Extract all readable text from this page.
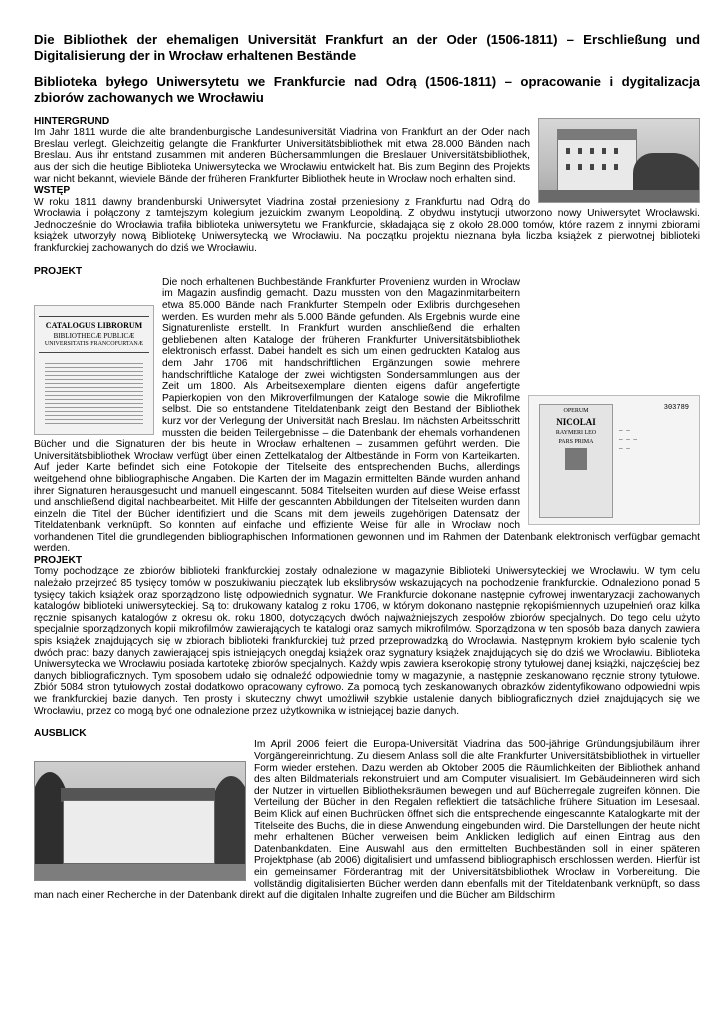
Die Bibliothek der ehemaligen Universität Frankfurt an der Oder (1506-1811) – Erschließung und Digitalisierung der in Wrocław erhaltenen Bestände
Biblioteka byłego Uniwersytetu we Frankfurcie nad Odrą (1506-1811) – opracowanie i dygitalizacja zbiorów zachowanych we Wrocławiu
HINTERGRUND
Im Jahr 1811 wurde die alte brandenburgische Landesuniversität Viadrina von Frankfurt an der Oder nach Breslau verlegt. Gleichzeitig gelangte die Frankfurter Universitätsbibliothek mit etwa 28.000 Bänden nach Breslau. Aus ihr entstand zusammen mit anderen Büchersammlungen die Breslauer Universitätsbibliothek, aus der sich die heutige Biblioteka Uniwersytecka we Wrocławiu entwickelt hat. Bis zum Beginn des Projekts war nicht bekannt, wieviele Bände der früheren Frankfurter Bibliothek heute in Wrocław noch erhalten sind.
WSTĘP
W roku 1811 dawny brandenburski Uniwersytet Viadrina został przeniesiony z Frankfurtu nad Odrą do Wrocławia i połączony z tamtejszym kolegium jezuickim zwanym Leopoldiną. Z obydwu instytucji utworzono nowy Uniwersytet Wrocławski. Jednocześnie do Wrocławia trafiła biblioteka uniwersytetu we Frankfurcie, składająca się z około 28.000 tomów, które razem z innymi zbiorami książek utworzyły nową Bibliotekę Uniwersytecką we Wrocławiu. Na początku projektu nieznana była liczba książek z pierwotnej biblioteki frankfurckiej zachowanych do dziś we Wrocławiu.
PROJEKT
CATALOGUS LIBRORUM
BIBLIOTHECÆ PUBLICÆ
UNIVERSITATIS FRANCOFURTANÆ
OPERUM
NICOLAI
RAYMERI LEO
PARS PRIMA
303789
— —
— — —
— —
Die noch erhaltenen Buchbestände Frankfurter Provenienz wurden in Wrocław im Magazin ausfindig gemacht. Dazu mussten von den Magazinmitarbeitern etwa 85.000 Bände nach Frankfurter Stempeln oder Exlibris durchgesehen werden. Es wurden mehr als 5.000 Bände gefunden. Als Ergebnis wurde eine Signaturenliste erstellt. In Frankfurt wurden anschließend die erhalten gebliebenen alten Kataloge der früheren Frankfurter Universitätsbibliothek elektronisch erfasst. Dabei handelt es sich um einen gedruckten Katalog aus dem Jahr 1706 mit handschriftlichen Ergänzungen sowie mehrere handschriftliche Kataloge der zwei wichtigsten Sondersammlungen aus der Zeit um 1800. Als Arbeitsexemplare dienten eigens dafür angefertigte Papierkopien von den Mikroverfilmungen der Kataloge sowie die Mikrofilme selbst. Die so entstandene Titeldatenbank zeigt den Bestand der Bibliothek kurz vor der Verlegung der Universität nach Breslau. Im nächsten Arbeitsschritt mussten die beiden Teilergebnisse – die Datenbank der ehemals vorhandenen Bücher und die Signaturen der bis heute in Wrocław erhaltenen – zusammen geführt werden. Die Universitätsbibliothek Wrocław verfügt über einen Zettelkatalog der Altbestände in Form von Karteikarten. Auf jeder Karte befindet sich eine Fotokopie der Titelseite des entsprechenden Buchs, allerdings weitgehend ohne bibliographische Angaben. Die Karten der im Magazin ermittelten Bände wurden anhand ihrer Signaturen herausgesucht und manuell eingescannt. 5084 Titelseiten wurden auf diese Weise erfasst und anschließend digital nachbearbeitet. Mit Hilfe der gescannten Abbildungen der Titelseiten wurden dann einzeln die Titel der Bücher identifiziert und die Scans mit dem jeweils zugehörigen Datensatz der Titeldatenbank verknüpft. So konnten auf einfache und effiziente Weise für alle in Wrocław noch vorhandenen Titel die grundlegenden bibliographischen Informationen gewonnen und im Rahmen der Datenbank elektronisch verfügbar gemacht werden.
PROJEKT
Tomy pochodzące ze zbiorów biblioteki frankfurckiej zostały odnalezione w magazynie Biblioteki Uniwersyteckiej we Wrocławiu. W tym celu należało przejrzeć 85 tysięcy tomów w poszukiwaniu pieczątek lub ekslibrysów wskazujących na pochodzenie frankfurckie. Odnaleziono ponad 5 tysięcy takich książek oraz sporządzono listę odpowiednich sygnatur. We Frankfurcie dokonane następnie cyfrowej inwentaryzacji zachowanych katalogów biblioteki uniwersyteckiej. Są to: drukowany katalog z roku 1706, w którym dokonano następnie rękopiśmiennych uzupełnień oraz kilka ręcznie spisanych katalogów z okresu ok. roku 1800, dotyczących dwóch najważniejszych zespołów zbiorów specjalnych. Do tego celu użyto specjalnie sporządzonych kopii mikrofilmów zawierających te katalogi oraz samych mikrofilmów. Sporządzona w ten sposób baza danych zawiera spis książek znajdujących się w zbiorach biblioteki frankfurckiej tuż przed przeprowadzką do Wrocławia. Następnym krokiem było scalenie tych dwóch prac: bazy danych zawierającej spis istniejących onegdaj książek oraz sygnatury książek znajdujących się do dziś we Wrocławiu. Biblioteka Uniwersytecka we Wrocławiu posiada kartotekę zbiorów specjalnych. Każdy wpis zawiera kserokopię strony tytułowej danej książki, najczęściej bez danych bibliograficznych. Tym sposobem udało się odnaleźć odpowiednie tomy w magazynie, a następnie zeskanowano ręcznie strony tytułowe. Zbiór 5084 stron tytułowych został dodatkowo opracowany cyfrowo. Za pomocą tych zeskanowanych obrazków zidentyfikowano odpowiedni wpis we frankfurckiej bazie danych. Ten prosty i skuteczny chwyt umożliwił szybkie ustalenie danych bibliograficznych dzieł znajdujących się we Wrocławiu, przez co mogą być one odnalezione przez użytkownika w istniejącej bazie danych.
AUSBLICK
Im April 2006 feiert die Europa-Universität Viadrina das 500-jährige Gründungsjubiläum ihrer Vorgängereinrichtung. Zu diesem Anlass soll die alte Frankfurter Universitätsbibliothek in virtueller Form wieder erstehen. Dazu werden ab Oktober 2005 die Räumlichkeiten der Bibliothek anhand des alten Bildmaterials rekonstruiert und am Computer visualisiert. Im Gebäudeinneren wird sich der Nutzer in virtuellen Bibliotheksräumen bewegen und auf Bücherregale zugreifen können. Die Verteilung der Bücher in den Regalen reflektiert die tatsächliche frühere Situation im Lesesaal. Beim Klick auf einen Buchrücken öffnet sich die entsprechende eingescannte Katalogkarte mit der Titelseite des Buchs, die in diese Anwendung eingebunden wird. Die Darstellungen der heute nicht mehr erhaltenen Bücher verweisen beim Anklicken lediglich auf einen Eintrag aus den Datenbankdaten. Eine Auswahl aus den ermittelten Buchbeständen soll in einer späteren Projektphase (ab 2006) digitalisiert und umfassend bibliographisch erschlossen werden. Hierfür ist ein gemeinsamer Förderantrag mit der Universitätsbibliothek Wrocław in Vorbereitung. Die vollständig digitalisierten Bücher werden dann ebenfalls mit der Titeldatenbank verknüpft, so dass man nach einer Recherche in der Datenbank direkt auf die digitalen Inhalte zugreifen und die Bücher am Bildschirm
